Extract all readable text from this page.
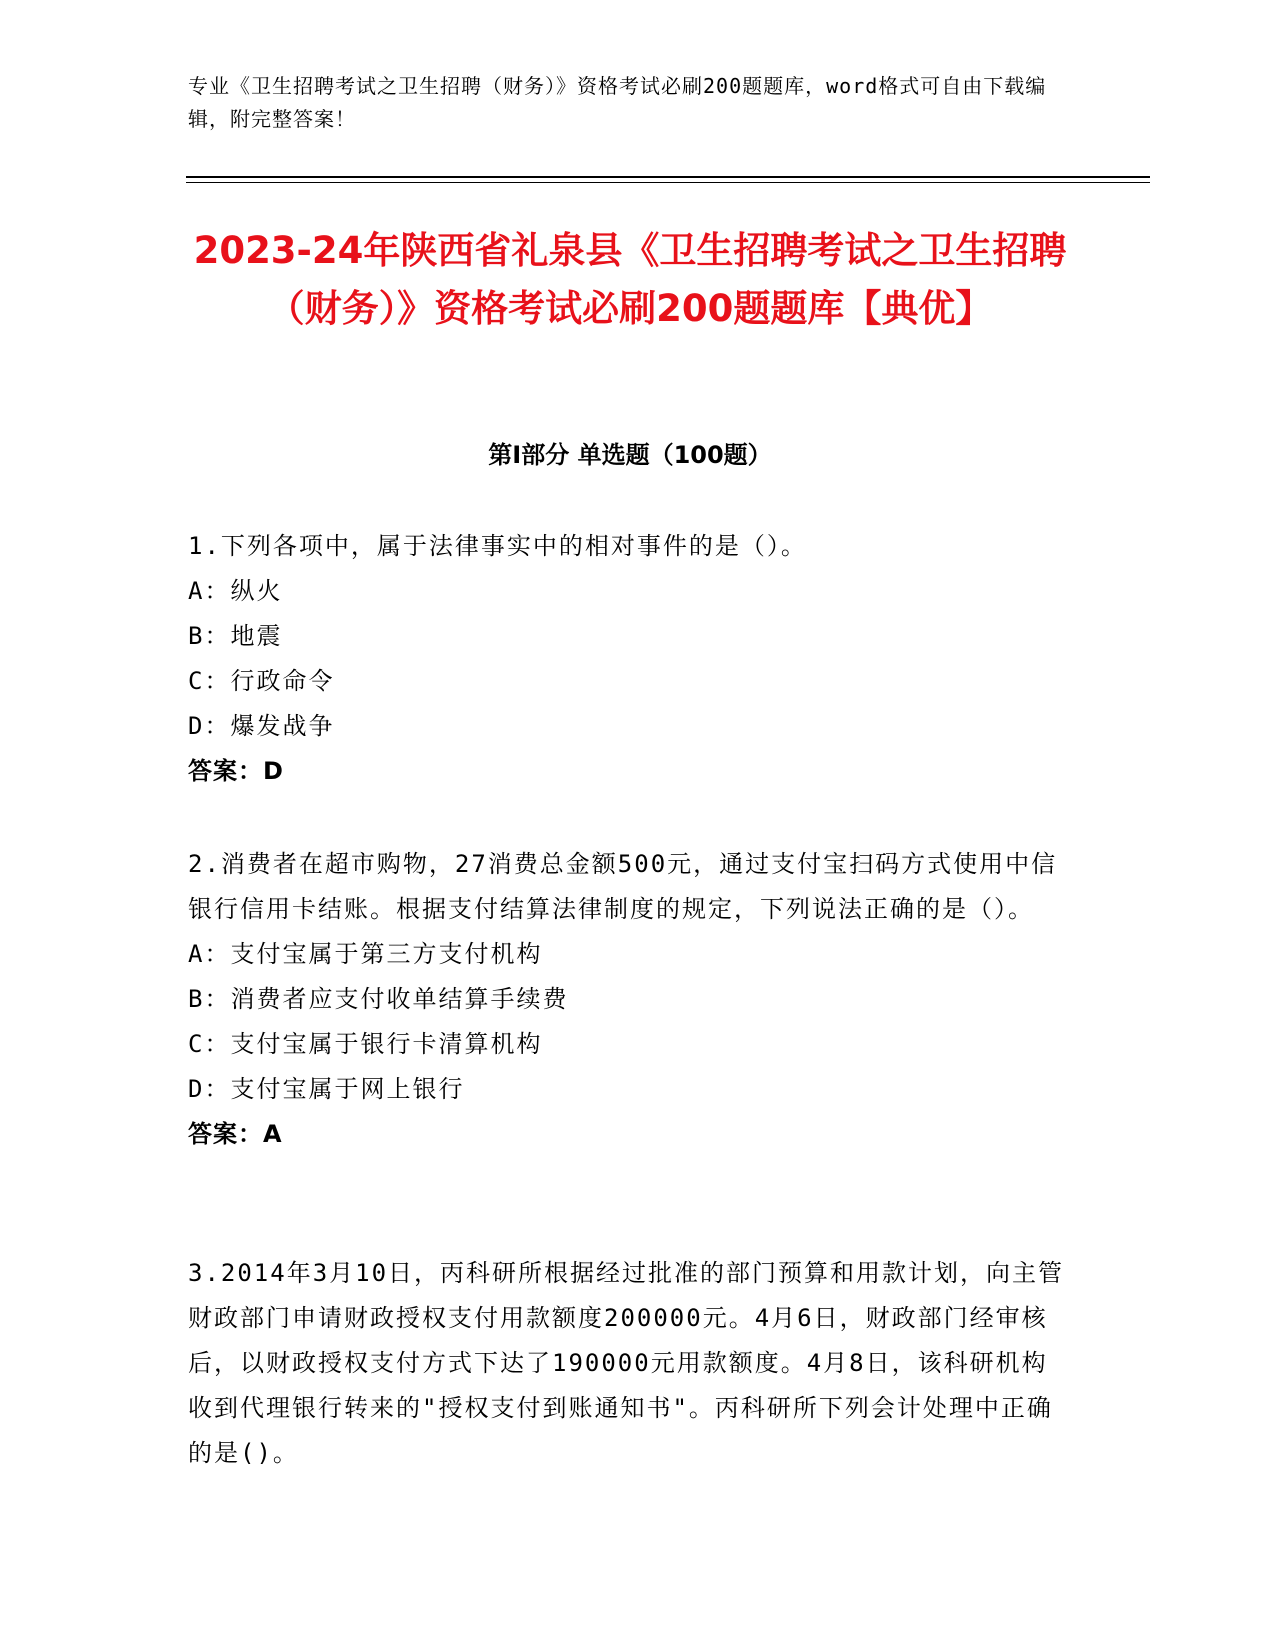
专业《卫生招聘考试之卫生招聘（财务）》资格考试必刷200题题库，word格式可自由下载编辑，附完整答案！
2023-24年陕西省礼泉县《卫生招聘考试之卫生招聘（财务）》资格考试必刷200题题库【典优】
第Ⅰ部分 单选题（100题）

1.下列各项中，属于法律事实中的相对事件的是（）。

A：纵火

B：地震

C：行政命令

D：爆发战争

答案：D

2.消费者在超市购物，27消费总金额500元，通过支付宝扫码方式使用中信银行信用卡结账。根据支付结算法律制度的规定，下列说法正确的是（）。

A：支付宝属于第三方支付机构

B：消费者应支付收单结算手续费

C：支付宝属于银行卡清算机构

D：支付宝属于网上银行

答案：A

3.2014年3月10日，丙科研所根据经过批准的部门预算和用款计划，向主管财政部门申请财政授权支付用款额度200000元。4月6日，财政部门经审核后，以财政授权支付方式下达了190000元用款额度。4月8日，该科研机构收到代理银行转来的"授权支付到账通知书"。丙科研所下列会计处理中正确的是()。
